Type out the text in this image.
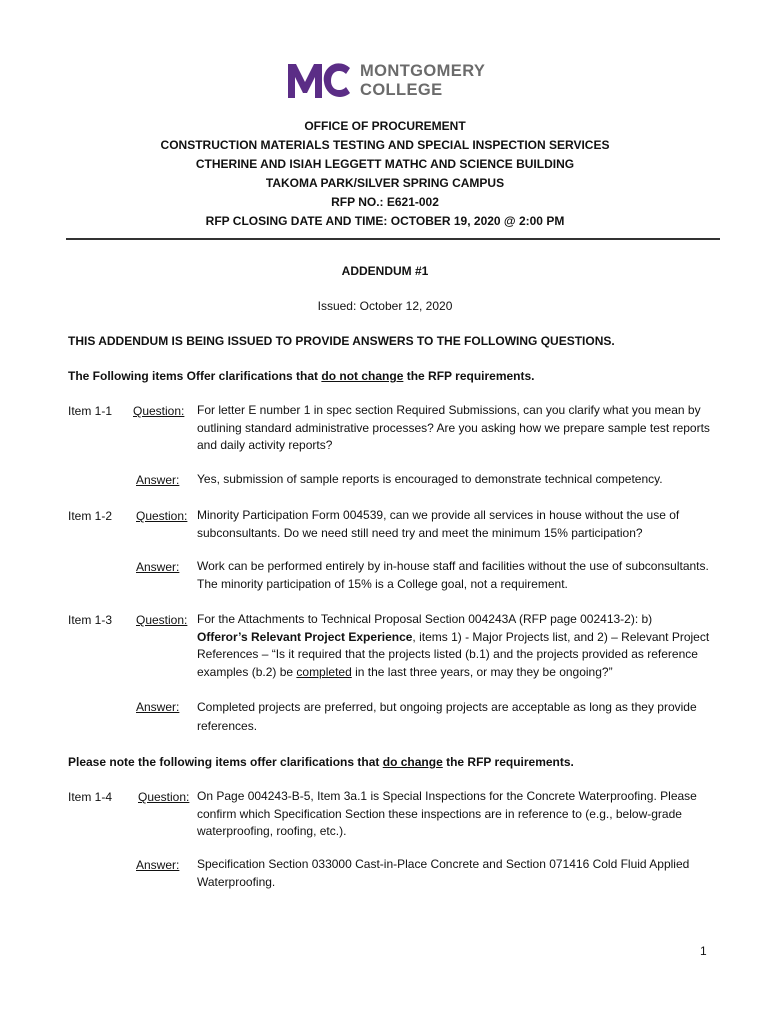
MONTGOMERY
COLLEGE
OFFICE OF PROCUREMENT
CONSTRUCTION MATERIALS TESTING AND SPECIAL INSPECTION SERVICES
CTHERINE AND ISIAH LEGGETT MATHC AND SCIENCE BUILDING
TAKOMA PARK/SILVER SPRING CAMPUS
RFP NO.: E621-002
RFP CLOSING DATE AND TIME: OCTOBER 19, 2020 @ 2:00 PM
ADDENDUM #1
Issued: October 12, 2020
THIS ADDENDUM IS BEING ISSUED TO PROVIDE ANSWERS TO THE FOLLOWING QUESTIONS.
The Following items Offer clarifications that do not change the RFP requirements.
Item 1-1 Question: For letter E number 1 in spec section Required Submissions, can you clarify what you mean by outlining standard administrative processes? Are you asking how we prepare sample test reports and daily activity reports?
Answer: Yes, submission of sample reports is encouraged to demonstrate technical competency.
Item 1-2 Question: Minority Participation Form 004539, can we provide all services in house without the use of subconsultants. Do we need still need try and meet the minimum 15% participation?
Answer: Work can be performed entirely by in-house staff and facilities without the use of subconsultants. The minority participation of 15% is a College goal, not a requirement.
Item 1-3 Question: For the Attachments to Technical Proposal Section 004243A (RFP page 002413-2): b)
Offeror’s Relevant Project Experience, items 1) - Major Projects list, and 2) – Relevant Project References – “Is it required that the projects listed (b.1) and the projects provided as reference examples (b.2) be completed in the last three years, or may they be ongoing?”
Answer: Completed projects are preferred, but ongoing projects are acceptable as long as they provide references.
Please note the following items offer clarifications that do change the RFP requirements.
Item 1-4 Question: On Page 004243-B-5, Item 3a.1 is Special Inspections for the Concrete Waterproofing. Please confirm which Specification Section these inspections are in reference to (e.g., below-grade waterproofing, roofing, etc.).
Answer: Specification Section 033000 Cast-in-Place Concrete and Section 071416 Cold Fluid Applied Waterproofing.
1
